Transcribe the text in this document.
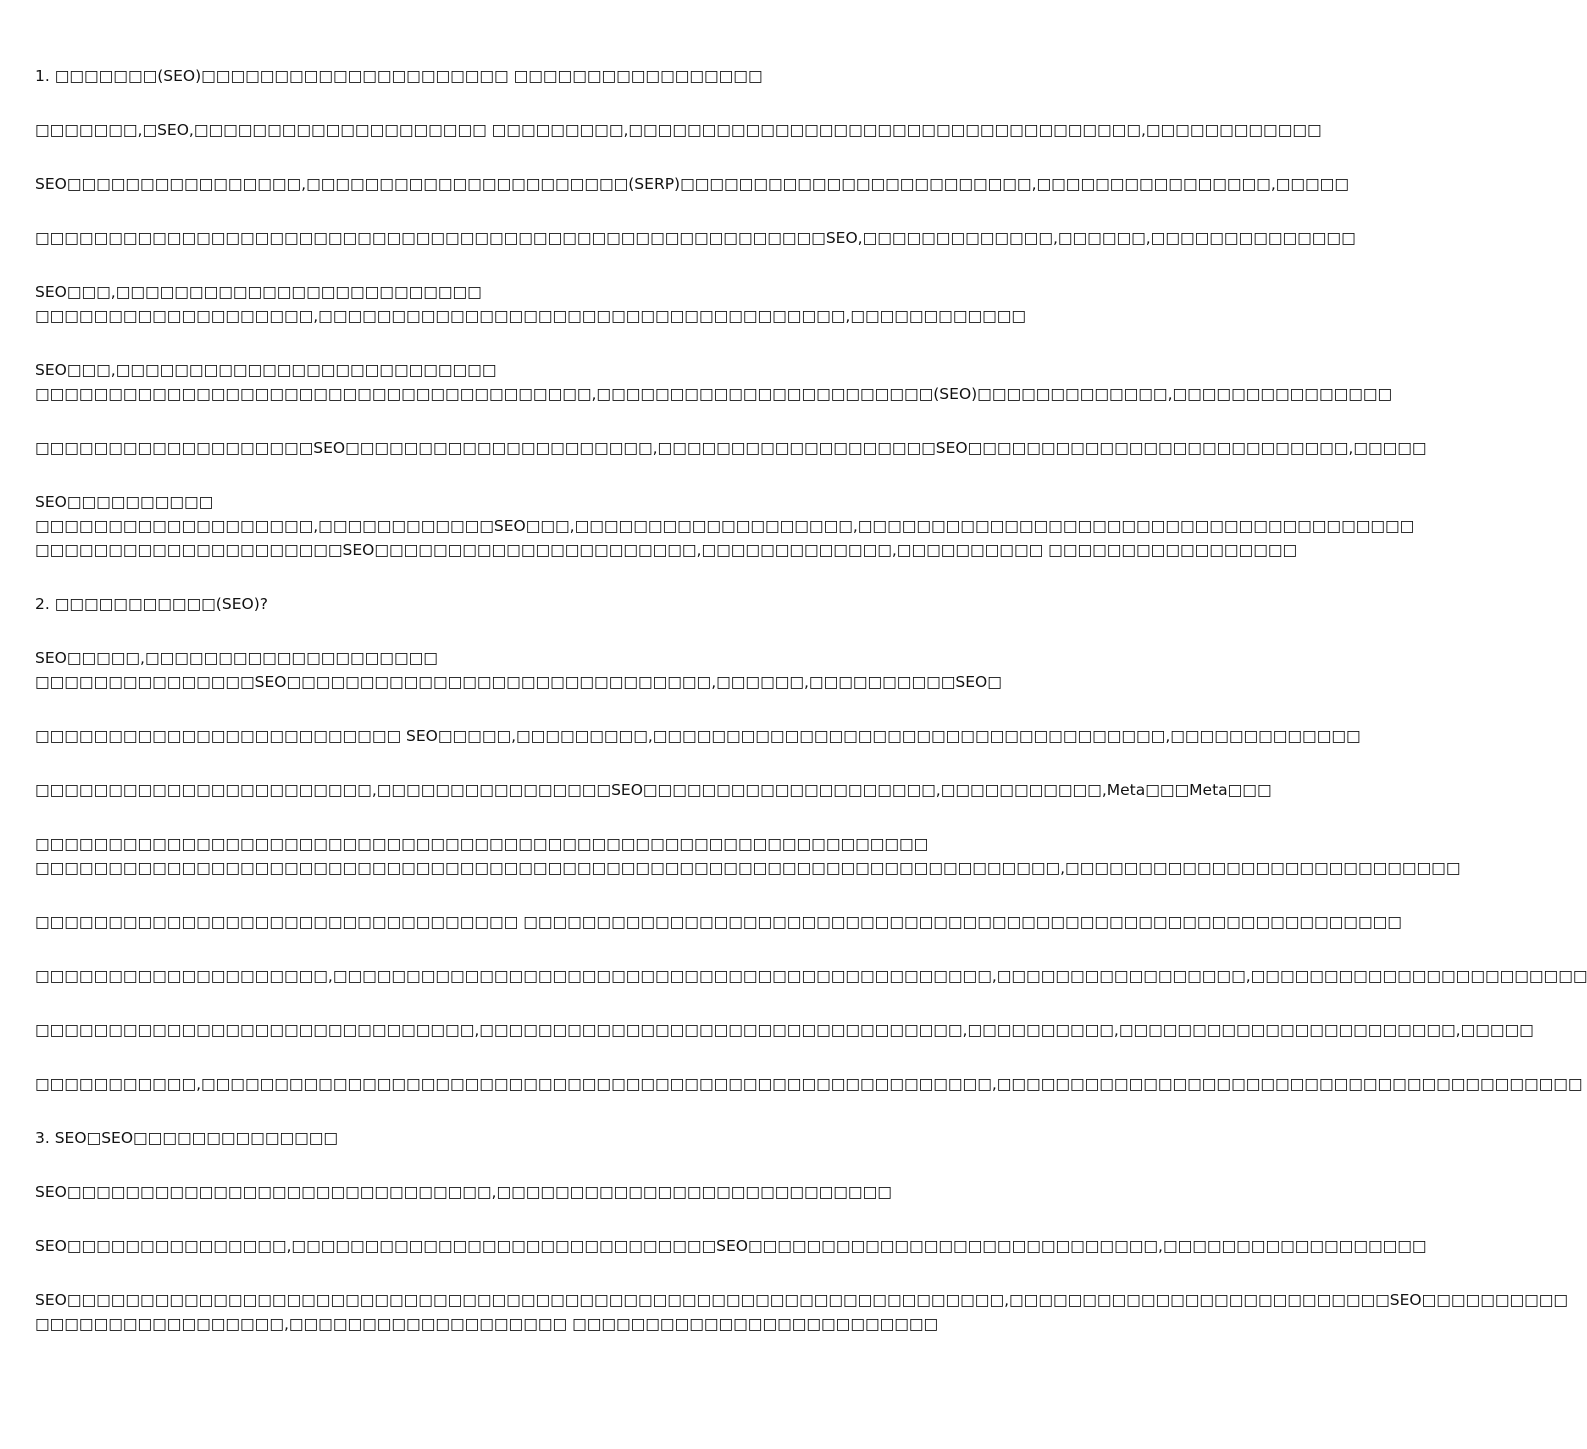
1. □□□□□□□(SEO)□□□□□□□□□□□□□□□□□□□□□ □□□□□□□□□□□□□□□□□

□□□□□□□,□SEO,□□□□□□□□□□□□□□□□□□□□ □□□□□□□□□,□□□□□□□□□□□□□□□□□□□□□□□□□□□□□□□□□□□,□□□□□□□□□□□□

SEO□□□□□□□□□□□□□□□□,□□□□□□□□□□□□□□□□□□□□□□(SERP)□□□□□□□□□□□□□□□□□□□□□□□□,□□□□□□□□□□□□□□□□,□□□□□

□□□□□□□□□□□□□□□□□□□□□□□□□□□□□□□□□□□□□□□□□□□□□□□□□□□□□□SEO,□□□□□□□□□□□□□,□□□□□□,□□□□□□□□□□□□□□

SEO□□□,□□□□□□□□□□□□□□□□□□□□□□□□□

□□□□□□□□□□□□□□□□□□□,□□□□□□□□□□□□□□□□□□□□□□□□□□□□□□□□□□□□,□□□□□□□□□□□□

SEO□□□,□□□□□□□□□□□□□□□□□□□□□□□□□□

□□□□□□□□□□□□□□□□□□□□□□□□□□□□□□□□□□□□□□,□□□□□□□□□□□□□□□□□□□□□□□(SEO)□□□□□□□□□□□□□,□□□□□□□□□□□□□□□

□□□□□□□□□□□□□□□□□□□SEO□□□□□□□□□□□□□□□□□□□□□,□□□□□□□□□□□□□□□□□□□SEO□□□□□□□□□□□□□□□□□□□□□□□□□□,□□□□□

SEO□□□□□□□□□□

□□□□□□□□□□□□□□□□□□□,□□□□□□□□□□□□SEO□□□,□□□□□□□□□□□□□□□□□□□,□□□□□□□□□□□□□□□□□□□□□□□□□□□□□□□□□□□□□□

□□□□□□□□□□□□□□□□□□□□□SEO□□□□□□□□□□□□□□□□□□□□□□,□□□□□□□□□□□□□,□□□□□□□□□□ □□□□□□□□□□□□□□□□□

2. □□□□□□□□□□□(SEO)?

SEO□□□□□,□□□□□□□□□□□□□□□□□□□□

□□□□□□□□□□□□□□□SEO□□□□□□□□□□□□□□□□□□□□□□□□□□□□□,□□□□□□,□□□□□□□□□□SEO□

□□□□□□□□□□□□□□□□□□□□□□□□□ SEO□□□□□,□□□□□□□□□,□□□□□□□□□□□□□□□□□□□□□□□□□□□□□□□□□□□,□□□□□□□□□□□□□

□□□□□□□□□□□□□□□□□□□□□□□,□□□□□□□□□□□□□□□□SEO□□□□□□□□□□□□□□□□□□□□,□□□□□□□□□□□,Meta□□□Meta□□□

□□□□□□□□□□□□□□□□□□□□□□□□□□□□□□□□□□□□□□□□□□□□□□□□□□□□□□□□□□□□□

□□□□□□□□□□□□□□□□□□□□□□□□□□□□□□□□□□□□□□□□□□□□□□□□□□□□□□□□□□□□□□□□□□□□□□,□□□□□□□□□□□□□□□□□□□□□□□□□□□

□□□□□□□□□□□□□□□□□□□□□□□□□□□□□□□□□ □□□□□□□□□□□□□□□□□□□□□□□□□□□□□□□□□□□□□□□□□□□□□□□□□□□□□□□□□□□□

□□□□□□□□□□□□□□□□□□□□,□□□□□□□□□□□□□□□□□□□□□□□□□□□□□□□□□□□□□□□□□□□□□,□□□□□□□□□□□□□□□□□,□□□□□□□□□□□□□□□□□□□□□□□

□□□□□□□□□□□□□□□□□□□□□□□□□□□□□□,□□□□□□□□□□□□□□□□□□□□□□□□□□□□□□□□□,□□□□□□□□□□,□□□□□□□□□□□□□□□□□□□□□□□,□□□□□

□□□□□□□□□□□,□□□□□□□□□□□□□□□□□□□□□□□□□□□□□□□□□□□□□□□□□□□□□□□□□□□□□□,□□□□□□□□□□□□□□□□□□□□□□□□□□□□□□□□□□□□□□□□

3. SEO□SEO□□□□□□□□□□□□□□

SEO□□□□□□□□□□□□□□□□□□□□□□□□□□□□□,□□□□□□□□□□□□□□□□□□□□□□□□□□□

SEO□□□□□□□□□□□□□□□,□□□□□□□□□□□□□□□□□□□□□□□□□□□□□SEO□□□□□□□□□□□□□□□□□□□□□□□□□□□□,□□□□□□□□□□□□□□□□□□

SEO□□□□□□□□□□□□□□□□□□□□□□□□□□□□□□□□□□□□□□□□□□□□□□□□□□□□□□□□□□□□□□□□,□□□□□□□□□□□□□□□□□□□□□□□□□□SEO□□□□□□□□□□

□□□□□□□□□□□□□□□□□,□□□□□□□□□□□□□□□□□□□ □□□□□□□□□□□□□□□□□□□□□□□□□
